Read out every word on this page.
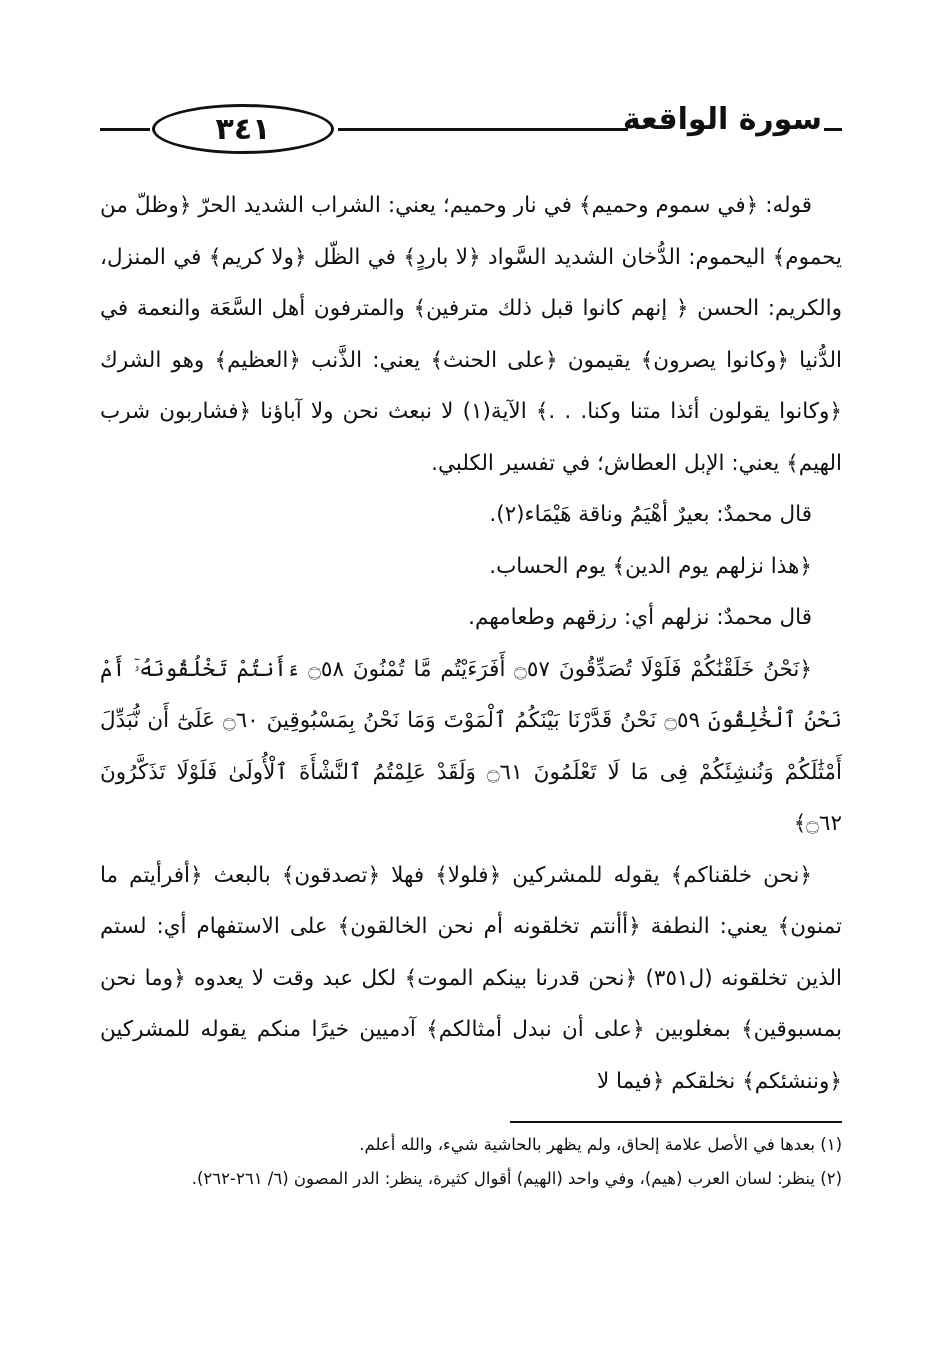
٣٤١	سورة الواقعة

قوله: ﴿في سموم وحميم﴾ في نار وحميم؛ يعني: الشراب الشديد الحرّ ﴿وظلّ من يحموم﴾ اليحموم: الدُّخان الشديد السَّواد ﴿لا باردٍ﴾ في الظّل ﴿ولا كريم﴾ في المنزل، والكريم: الحسن ﴿ إنهم كانوا قبل ذلك مترفين﴾ والمترفون أهل السَّعَة والنعمة في الدُّنيا ﴿وكانوا يصرون﴾ يقيمون ﴿على الحنث﴾ يعني: الذَّنب ﴿العظيم﴾ وهو الشرك ﴿وكانوا يقولون أئذا متنا وكنا. . .﴾ الآية(١) لا نبعث نحن ولا آباؤنا ﴿فشاربون شرب الهيم﴾ يعني: الإبل العطاش؛ في تفسير الكلبي.

قال محمدٌ: بعيرٌ أهْيَمُ وناقة هَيْمَاء(٢).

﴿هذا نزلهم يوم الدين﴾ يوم الحساب.

قال محمدٌ: نزلهم أي: رزقهم وطعامهم.

﴿نَحْنُ خَلَقْنَٰكُمْ فَلَوْلَا تُصَدِّقُونَ ۝٥٧ أَفَرَءَيْتُم مَّا تُمْنُونَ ۝٥٨ ءَأَنتُمْ تَخْلُقُونَهُۥٓ أَمْ نَحْنُ ٱلْخَٰلِقُونَ ۝٥٩ نَحْنُ قَدَّرْنَا بَيْنَكُمُ ٱلْمَوْتَ وَمَا نَحْنُ بِمَسْبُوقِينَ ۝٦٠ عَلَىٰٓ أَن نُّبَدِّلَ أَمْثَٰلَكُمْ وَنُنشِئَكُمْ فِى مَا لَا تَعْلَمُونَ ۝٦١ وَلَقَدْ عَلِمْتُمُ ٱلنَّشْأَةَ ٱلْأُولَىٰ فَلَوْلَا تَذَكَّرُونَ ۝٦٢﴾

﴿نحن خلقناكم﴾ يقوله للمشركين ﴿فلولا﴾ فهلا ﴿تصدقون﴾ بالبعث ﴿أفرأيتم ما تمنون﴾ يعني: النطفة ﴿أأنتم تخلقونه أم نحن الخالقون﴾ على الاستفهام أي: لستم الذين تخلقونه (ل٣٥١) ﴿نحن قدرنا بينكم الموت﴾ لكل عبد وقت لا يعدوه ﴿وما نحن بمسبوقين﴾ بمغلوبين ﴿على أن نبدل أمثالكم﴾ آدميين خيرًا منكم يقوله للمشركين ﴿وننشئكم﴾ نخلقكم ﴿فيما لا

(١) بعدها في الأصل علامة إلحاق، ولم يظهر بالحاشية شيء، والله أعلم.

(٢) ينظر: لسان العرب (هيم)، وفي واحد (الهيم) أقوال كثيرة، ينظر: الدر المصون (٦/ ٢٦١-٢٦٢).
